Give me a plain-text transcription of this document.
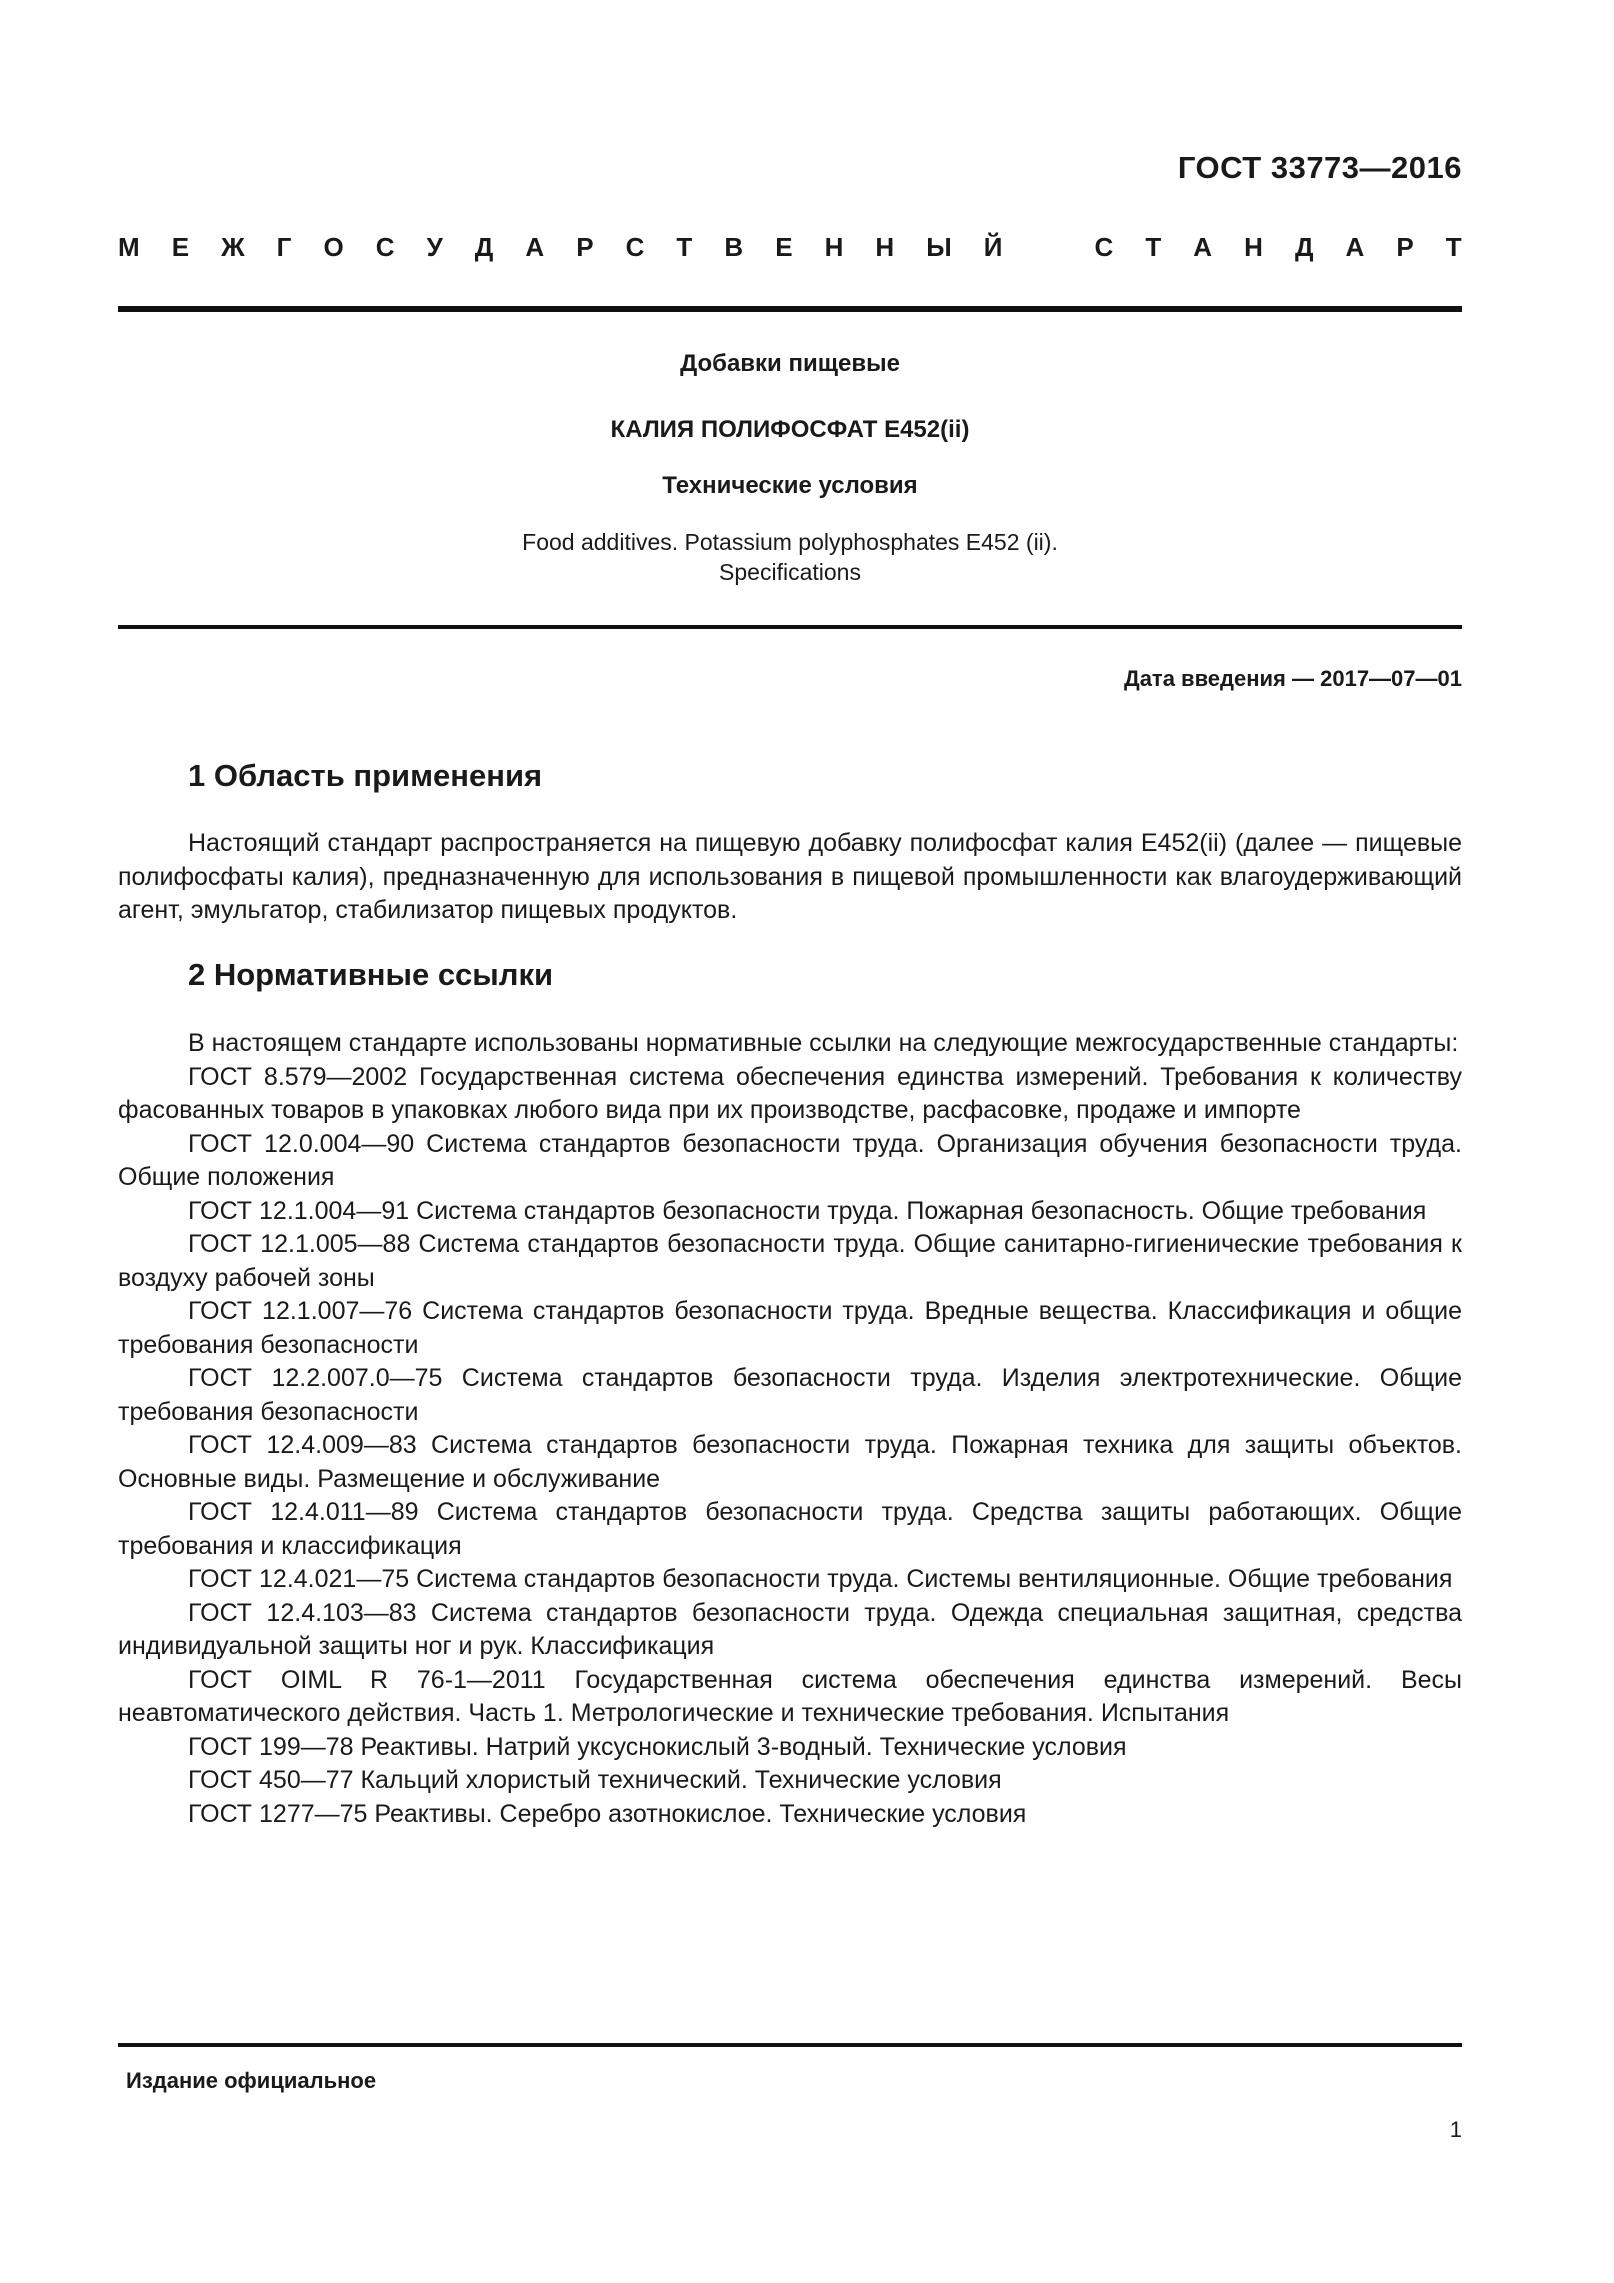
ГОСТ 33773—2016
М Е Ж Г О С У Д А Р С Т В Е Н Н Ы Й	С Т А Н Д А Р Т
Добавки пищевые
КАЛИЯ ПОЛИФОСФАТ Е452(ii)
Технические условия
Food additives. Potassium polyphosphates E452 (ii).
Specifications
Дата введения — 2017—07—01
1 Область применения

Настоящий стандарт распространяется на пищевую добавку полифосфат калия Е452(ii) (далее — пищевые полифосфаты калия), предназначенную для использования в пищевой промышленности как влагоудерживающий агент, эмульгатор, стабилизатор пищевых продуктов.

2 Нормативные ссылки

В настоящем стандарте использованы нормативные ссылки на следующие межгосударственные стандарты:

ГОСТ 8.579—2002 Государственная система обеспечения единства измерений. Требования к количеству фасованных товаров в упаковках любого вида при их производстве, расфасовке, продаже и импорте

ГОСТ 12.0.004—90 Система стандартов безопасности труда. Организация обучения безопасности труда. Общие положения

ГОСТ 12.1.004—91 Система стандартов безопасности труда. Пожарная безопасность. Общие требования

ГОСТ 12.1.005—88 Система стандартов безопасности труда. Общие санитарно-гигиенические требования к воздуху рабочей зоны

ГОСТ 12.1.007—76 Система стандартов безопасности труда. Вредные вещества. Классификация и общие требования безопасности

ГОСТ 12.2.007.0—75 Система стандартов безопасности труда. Изделия электротехнические. Общие требования безопасности

ГОСТ 12.4.009—83 Система стандартов безопасности труда. Пожарная техника для защиты объектов. Основные виды. Размещение и обслуживание

ГОСТ 12.4.011—89 Система стандартов безопасности труда. Средства защиты работающих. Общие требования и классификация

ГОСТ 12.4.021—75 Система стандартов безопасности труда. Системы вентиляционные. Общие требования

ГОСТ 12.4.103—83 Система стандартов безопасности труда. Одежда специальная защитная, средства индивидуальной защиты ног и рук. Классификация

ГОСТ OIML R 76-1—2011 Государственная система обеспечения единства измерений. Весы неавтоматического действия. Часть 1. Метрологические и технические требования. Испытания

ГОСТ 199—78 Реактивы. Натрий уксуснокислый 3-водный. Технические условия

ГОСТ 450—77 Кальций хлористый технический. Технические условия

ГОСТ 1277—75 Реактивы. Серебро азотнокислое. Технические условия

Издание официальное
1
